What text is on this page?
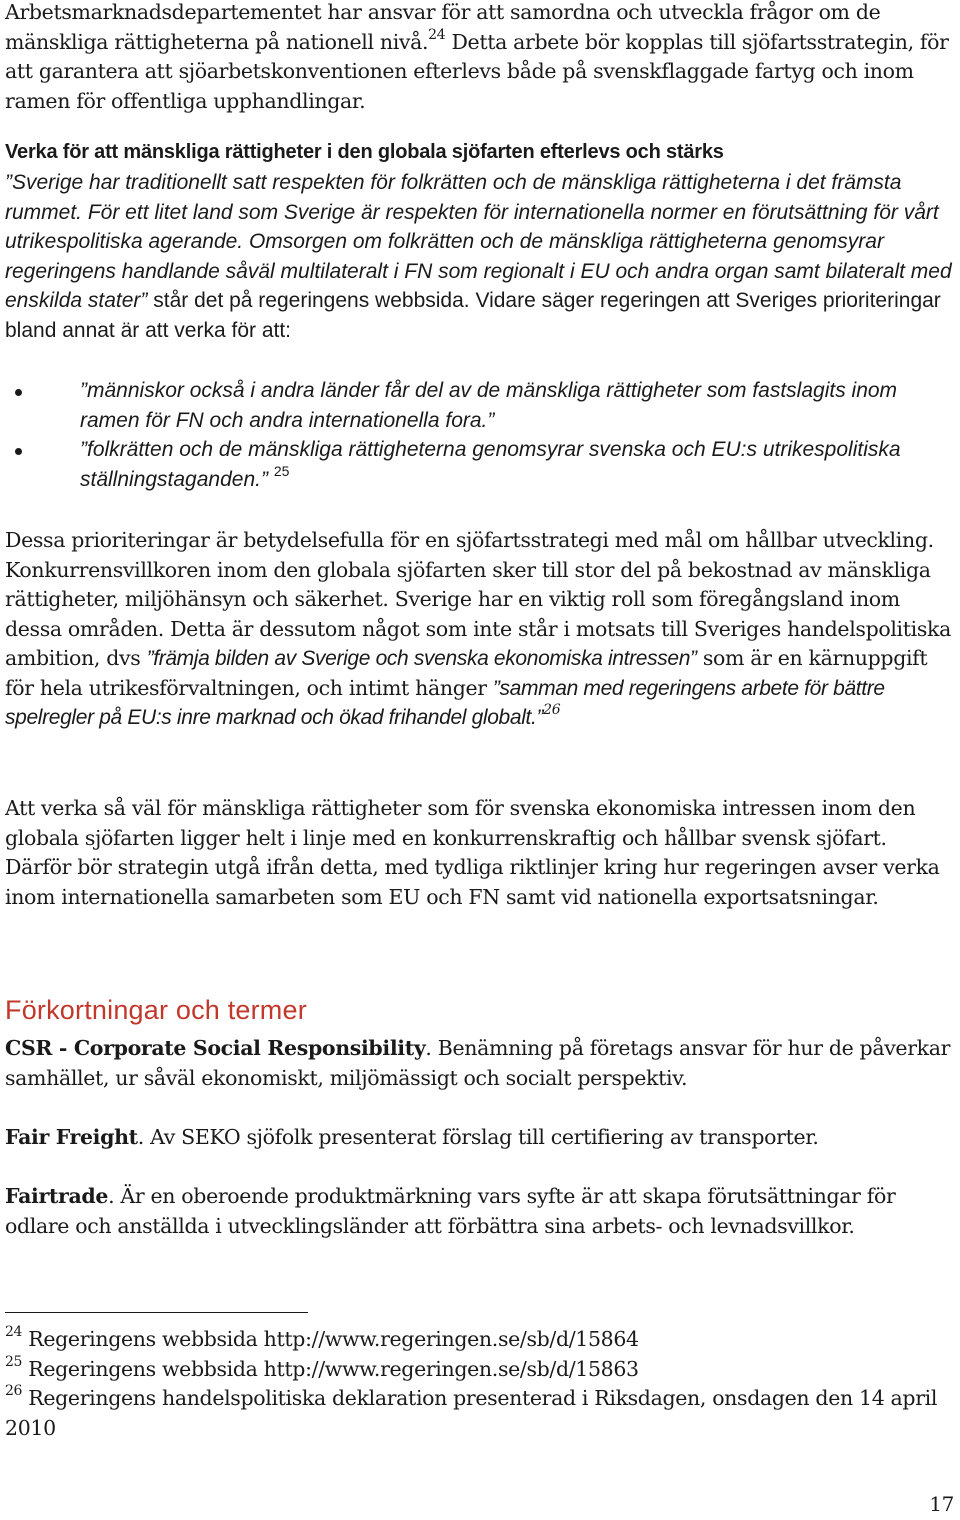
Arbetsmarknadsdepartementet har ansvar för att samordna och utveckla frågor om de mänskliga rättigheterna på nationell nivå.$^{24}$ Detta arbete bör kopplas till sjöfartsstrategin, för att garantera att sjöarbetskonventionen efterlevs både på svenskflaggade fartyg och inom ramen för offentliga upphandlingar.

Verka för att mänskliga rättigheter i den globala sjöfarten efterlevs och stärks

”Sverige har traditionellt satt respekten för folkrätten och de mänskliga rättigheterna i det främsta rummet. För ett litet land som Sverige är respekten för internationella normer en förutsättning för vårt utrikespolitiska agerande. Omsorgen om folkrätten och de mänskliga rättigheterna genomsyrar regeringens handlande såväl multilateralt i FN som regionalt i EU och andra organ samt bilateralt med enskilda stater” står det på regeringens webbsida. Vidare säger regeringen att Sveriges prioriteringar bland annat är att verka för att:

”människor också i andra länder får del av de mänskliga rättigheter som fastslagits inom ramen för FN och andra internationella fora.”
”folkrätten och de mänskliga rättigheterna genomsyrar svenska och EU:s utrikespolitiska ställningstaganden.” $^{25}$

Dessa prioriteringar är betydelsefulla för en sjöfartsstrategi med mål om hållbar utveckling. Konkurrensvillkoren inom den globala sjöfarten sker till stor del på bekostnad av mänskliga rättigheter, miljöhänsyn och säkerhet. Sverige har en viktig roll som föregångsland inom dessa områden. Detta är dessutom något som inte står i motsats till Sveriges handelspolitiska ambition, dvs ”främja bilden av Sverige och svenska ekonomiska intressen” som är en kärnuppgift för hela utrikesförvaltningen, och intimt hänger ”samman med regeringens arbete för bättre spelregler på EU:s inre marknad och ökad frihandel globalt.”$^{26}$

Att verka så väl för mänskliga rättigheter som för svenska ekonomiska intressen inom den globala sjöfarten ligger helt i linje med en konkurrenskraftig och hållbar svensk sjöfart. Därför bör strategin utgå ifrån detta, med tydliga riktlinjer kring hur regeringen avser verka inom internationella samarbeten som EU och FN samt vid nationella exportsatsningar.

Förkortningar och termer

CSR - Corporate Social Responsibility. Benämning på företags ansvar för hur de påverkar samhället, ur såväl ekonomiskt, miljömässigt och socialt perspektiv.

Fair Freight. Av SEKO sjöfolk presenterat förslag till certifiering av transporter.

Fairtrade. Är en oberoende produktmärkning vars syfte är att skapa förutsättningar för odlare och anställda i utvecklingsländer att förbättra sina arbets- och levnadsvillkor.

$^{24}$ Regeringens webbsida http://www.regeringen.se/sb/d/15864

$^{25}$ Regeringens webbsida http://www.regeringen.se/sb/d/15863

$^{26}$ Regeringens handelspolitiska deklaration presenterad i Riksdagen, onsdagen den 14 april 2010

17
